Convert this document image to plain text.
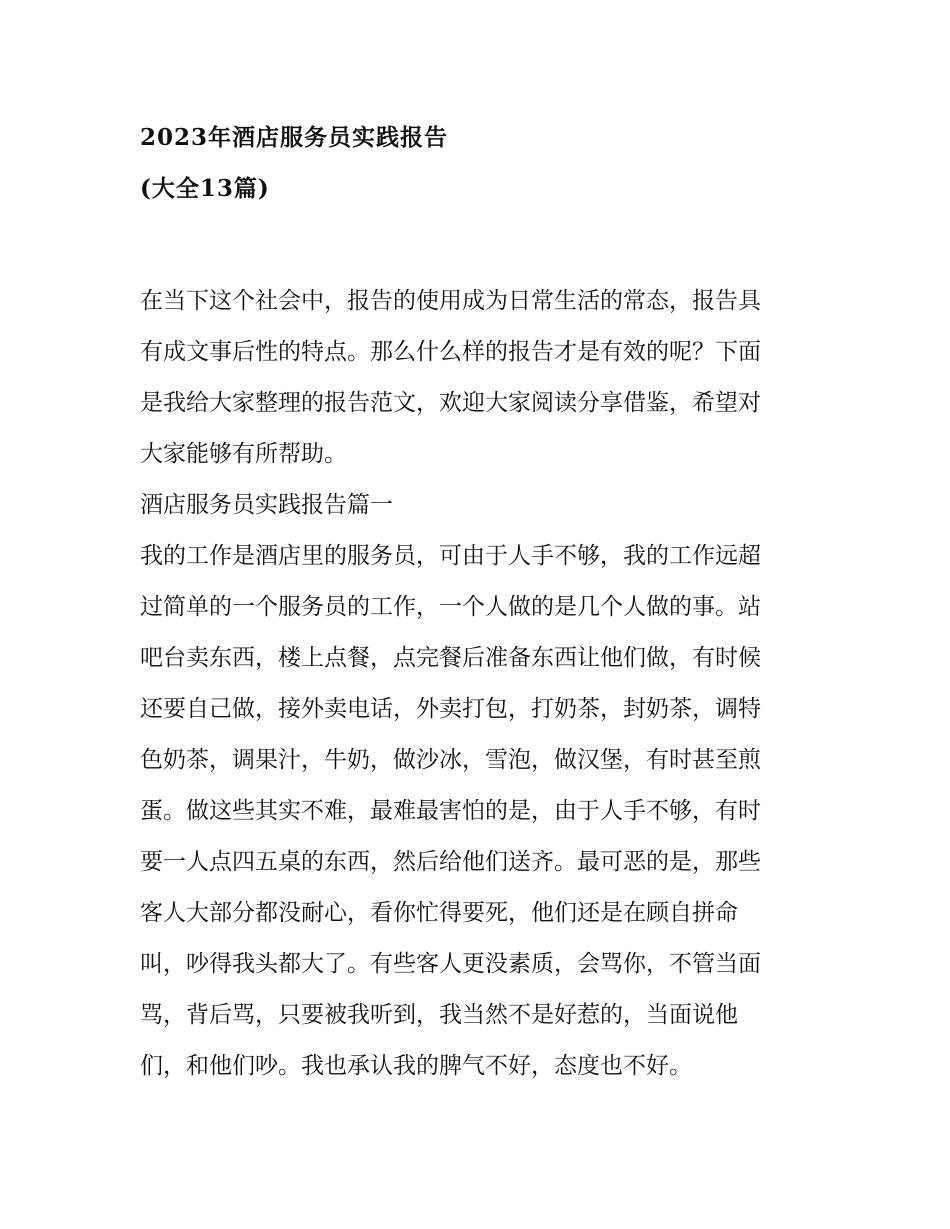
2023年酒店服务员实践报告
(大全13篇)
在当下这个社会中，报告的使用成为日常生活的常态，报告具
有成文事后性的特点。那么什么样的报告才是有效的呢？下面
是我给大家整理的报告范文，欢迎大家阅读分享借鉴，希望对
大家能够有所帮助。
酒店服务员实践报告篇一
我的工作是酒店里的服务员，可由于人手不够，我的工作远超
过简单的一个服务员的工作，一个人做的是几个人做的事。站
吧台卖东西，楼上点餐，点完餐后准备东西让他们做，有时候
还要自己做，接外卖电话，外卖打包，打奶茶，封奶茶，调特
色奶茶，调果汁，牛奶，做沙冰，雪泡，做汉堡，有时甚至煎
蛋。做这些其实不难，最难最害怕的是，由于人手不够，有时
要一人点四五桌的东西，然后给他们送齐。最可恶的是，那些
客人大部分都没耐心，看你忙得要死，他们还是在顾自拼命
叫，吵得我头都大了。有些客人更没素质，会骂你，不管当面
骂，背后骂，只要被我听到，我当然不是好惹的，当面说他
们，和他们吵。我也承认我的脾气不好，态度也不好。
